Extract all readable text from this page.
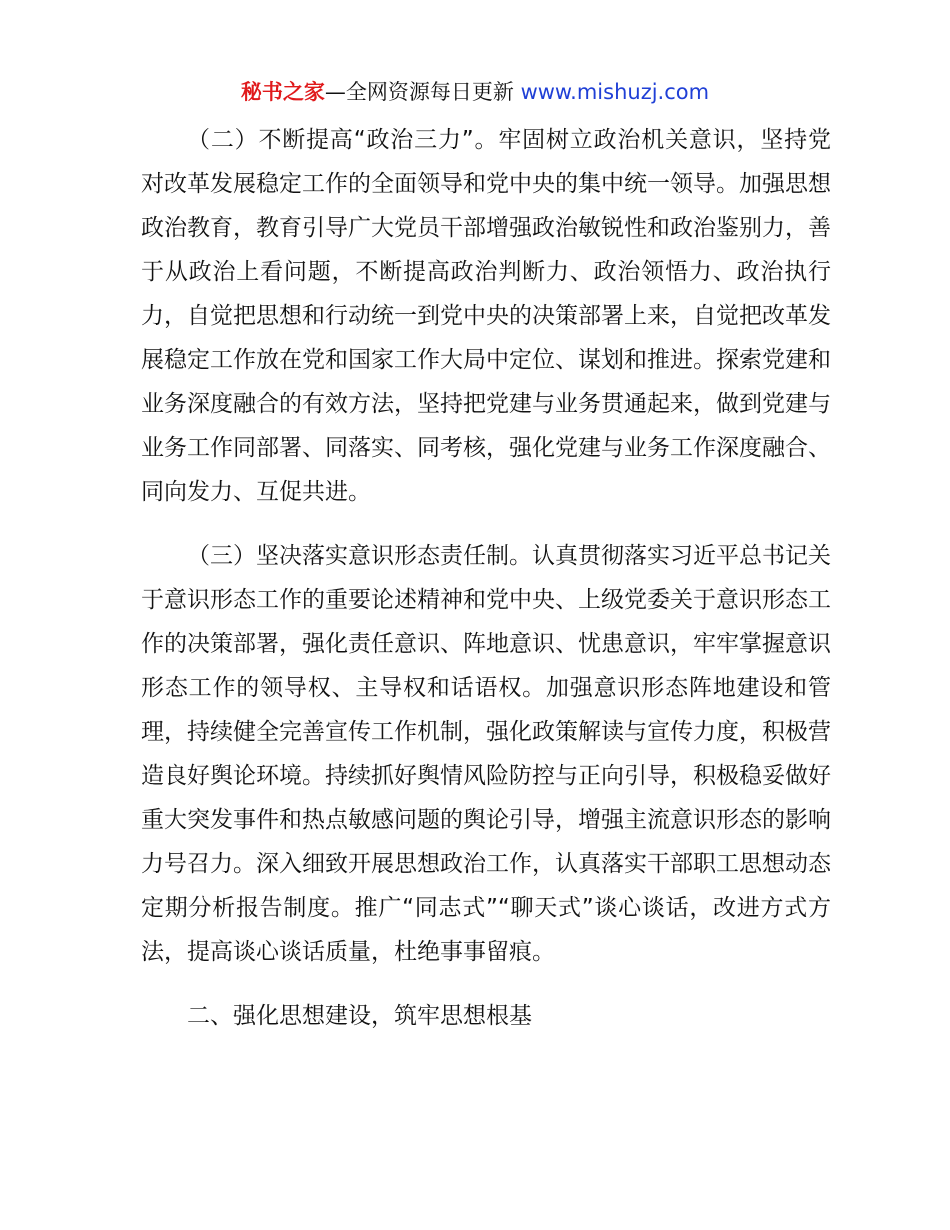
秘书之家—全网资源每日更新 www.mishuzj.com

（二）不断提高“政治三力”。牢固树立政治机关意识，坚持党对改革发展稳定工作的全面领导和党中央的集中统一领导。加强思想政治教育，教育引导广大党员干部增强政治敏锐性和政治鉴别力，善于从政治上看问题，不断提高政治判断力、政治领悟力、政治执行力，自觉把思想和行动统一到党中央的决策部署上来，自觉把改革发展稳定工作放在党和国家工作大局中定位、谋划和推进。探索党建和业务深度融合的有效方法，坚持把党建与业务贯通起来，做到党建与业务工作同部署、同落实、同考核，强化党建与业务工作深度融合、同向发力、互促共进。

（三）坚决落实意识形态责任制。认真贯彻落实习近平总书记关于意识形态工作的重要论述精神和党中央、上级党委关于意识形态工作的决策部署，强化责任意识、阵地意识、忧患意识，牢牢掌握意识形态工作的领导权、主导权和话语权。加强意识形态阵地建设和管理，持续健全完善宣传工作机制，强化政策解读与宣传力度，积极营造良好舆论环境。持续抓好舆情风险防控与正向引导，积极稳妥做好重大突发事件和热点敏感问题的舆论引导，增强主流意识形态的影响力号召力。深入细致开展思想政治工作，认真落实干部职工思想动态定期分析报告制度。推广“同志式”“聊天式”谈心谈话，改进方式方法，提高谈心谈话质量，杜绝事事留痕。

二、强化思想建设，筑牢思想根基
